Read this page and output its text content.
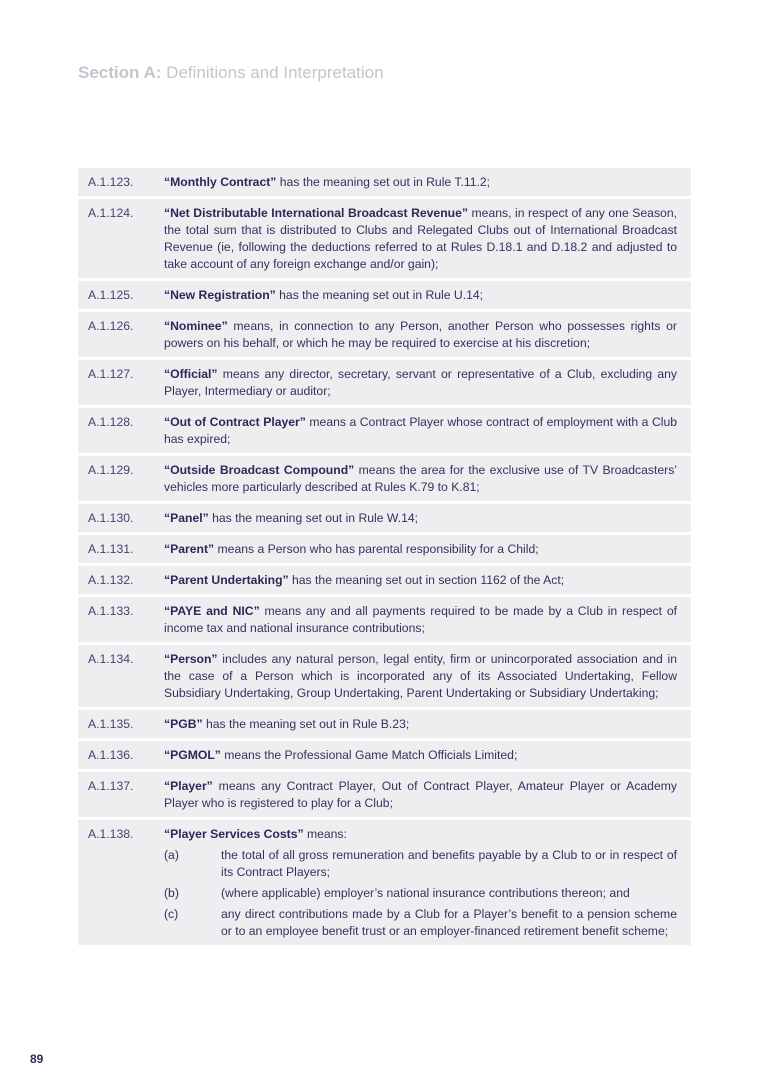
Section A: Definitions and Interpretation
A.1.123.	“Monthly Contract” has the meaning set out in Rule T.11.2;
A.1.124.	“Net Distributable International Broadcast Revenue” means, in respect of any one Season, the total sum that is distributed to Clubs and Relegated Clubs out of International Broadcast Revenue (ie, following the deductions referred to at Rules D.18.1 and D.18.2 and adjusted to take account of any foreign exchange and/or gain);
A.1.125.	“New Registration” has the meaning set out in Rule U.14;
A.1.126.	“Nominee” means, in connection to any Person, another Person who possesses rights or powers on his behalf, or which he may be required to exercise at his discretion;
A.1.127.	“Official” means any director, secretary, servant or representative of a Club, excluding any Player, Intermediary or auditor;
A.1.128.	“Out of Contract Player” means a Contract Player whose contract of employment with a Club has expired;
A.1.129.	“Outside Broadcast Compound” means the area for the exclusive use of TV Broadcasters’ vehicles more particularly described at Rules K.79 to K.81;
A.1.130.	“Panel” has the meaning set out in Rule W.14;
A.1.131.	“Parent” means a Person who has parental responsibility for a Child;
A.1.132.	“Parent Undertaking” has the meaning set out in section 1162 of the Act;
A.1.133.	“PAYE and NIC” means any and all payments required to be made by a Club in respect of income tax and national insurance contributions;
A.1.134.	“Person” includes any natural person, legal entity, firm or unincorporated association and in the case of a Person which is incorporated any of its Associated Undertaking, Fellow Subsidiary Undertaking, Group Undertaking, Parent Undertaking or Subsidiary Undertaking;
A.1.135.	“PGB” has the meaning set out in Rule B.23;
A.1.136.	“PGMOL” means the Professional Game Match Officials Limited;
A.1.137.	“Player” means any Contract Player, Out of Contract Player, Amateur Player or Academy Player who is registered to play for a Club;
A.1.138.	“Player Services Costs” means:
(a)	the total of all gross remuneration and benefits payable by a Club to or in respect of its Contract Players;
(b)	(where applicable) employer’s national insurance contributions thereon; and
(c)	any direct contributions made by a Club for a Player’s benefit to a pension scheme or to an employee benefit trust or an employer-financed retirement benefit scheme;
89
